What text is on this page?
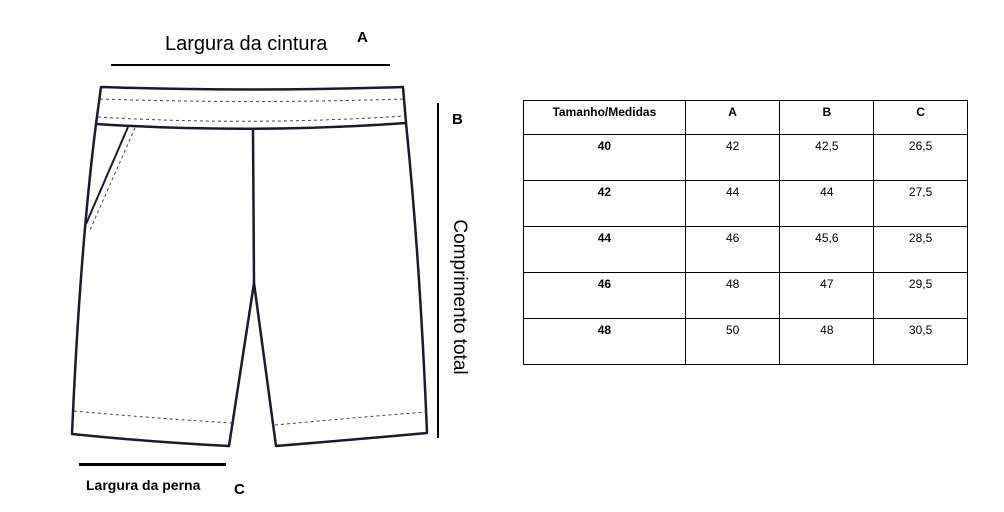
Largura da cintura A
B
Comprimento total
Largura da perna C
Tamanho/Medidas	A	B	C
40	42	42,5	26,5
42	44	44	27,5
44	46	45,6	28,5
46	48	47	29,5
48	50	48	30,5
